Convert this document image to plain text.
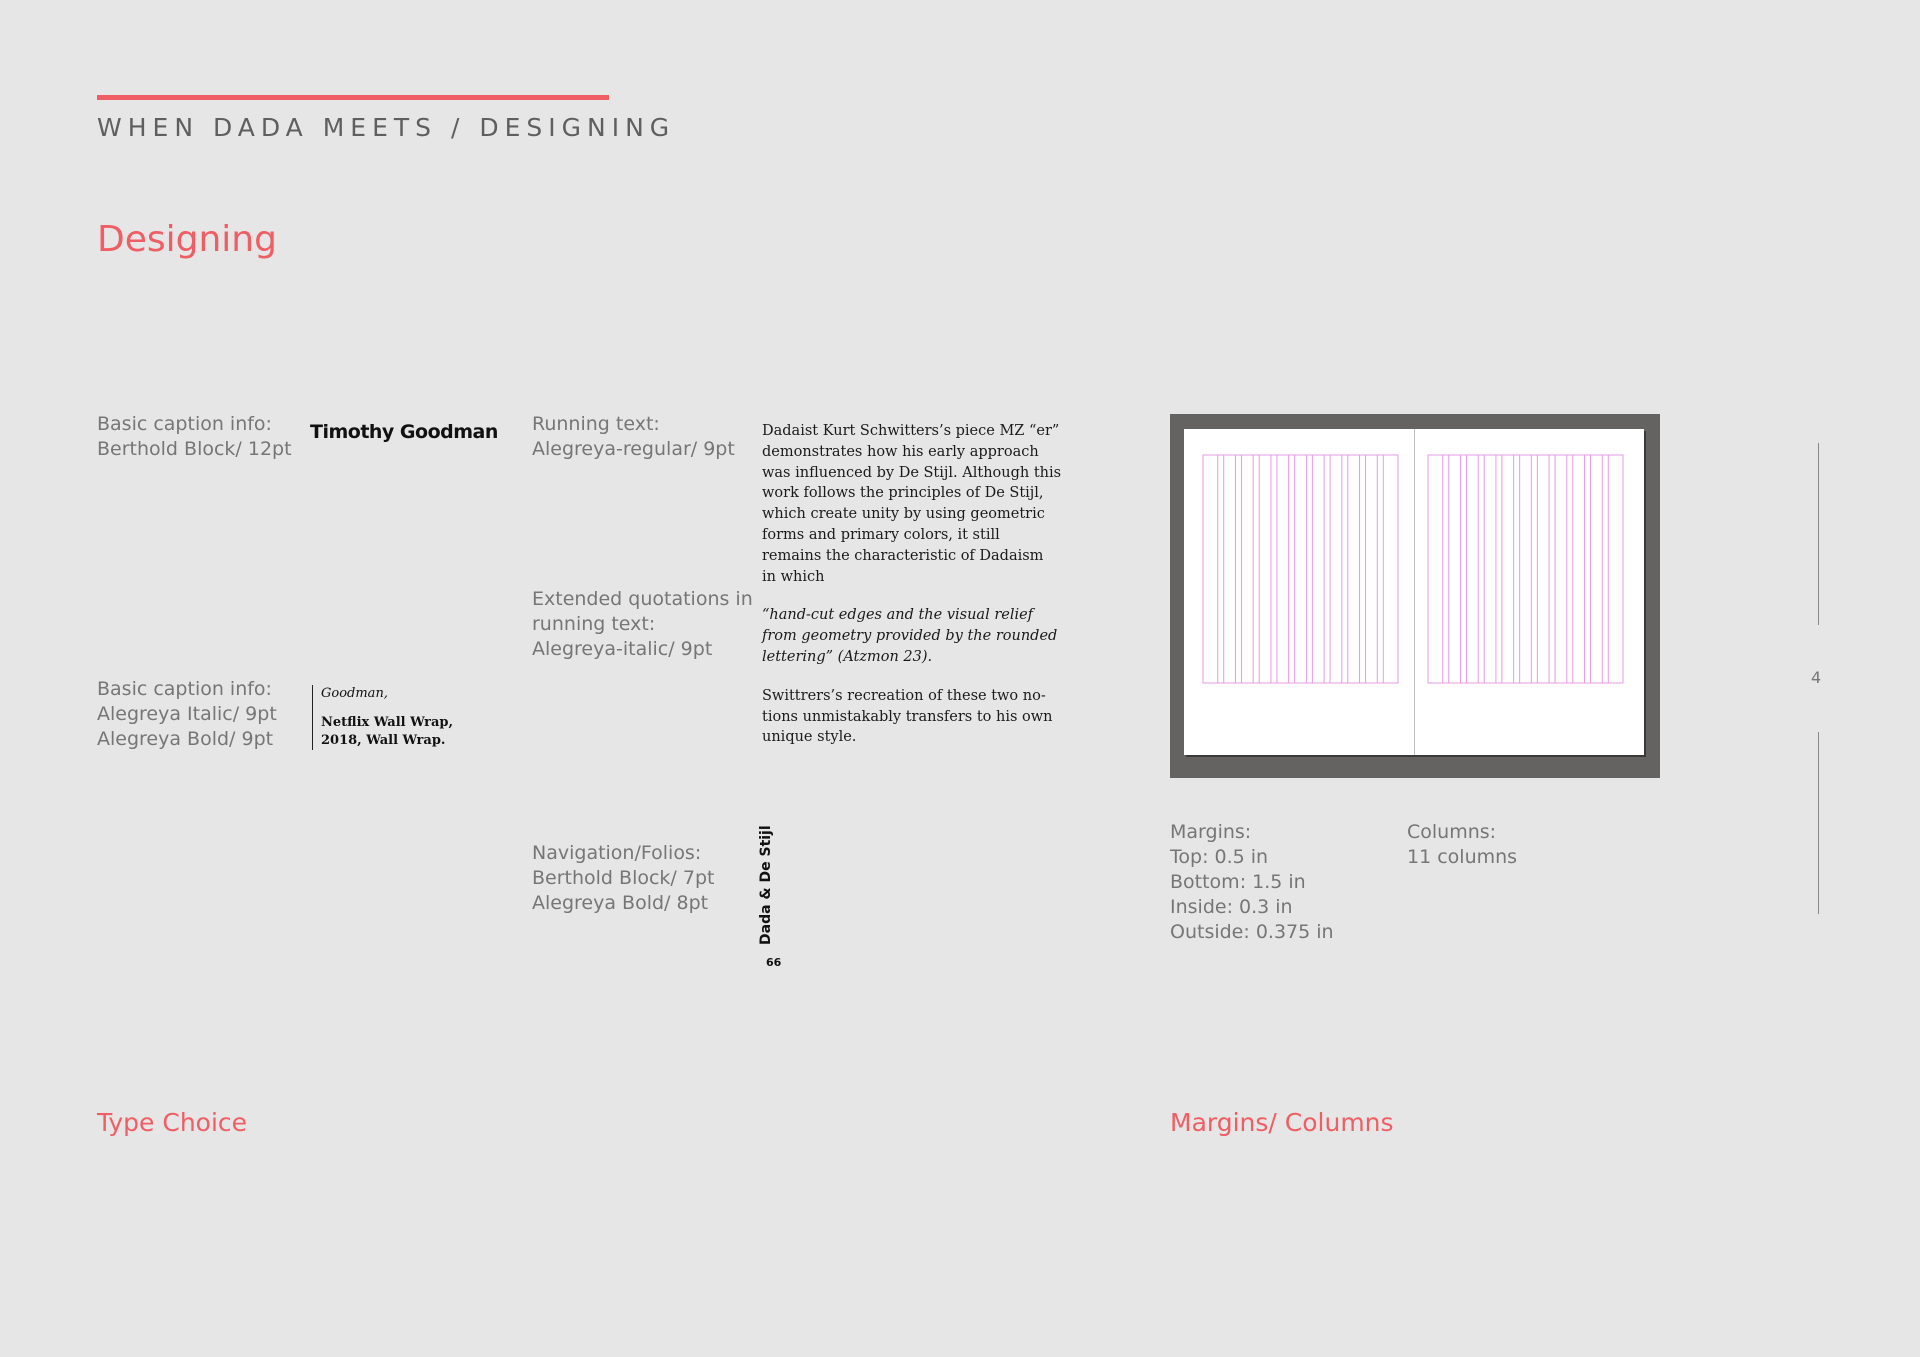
WHEN DADA MEETS / DESIGNING
Designing
Basic caption info:
Berthold Block/ 12pt
Basic caption info:
Alegreya Italic/ 9pt
Alegreya Bold/ 9pt
Running text:
Alegreya-regular/ 9pt
Extended quotations in
running text:
Alegreya-italic/ 9pt
Navigation/Folios:
Berthold Block/ 7pt
Alegreya Bold/ 8pt
Timothy Goodman
Goodman,
Netflix Wall Wrap,
2018, Wall Wrap.

Dadaist Kurt Schwitters’s piece MZ “er” demonstrates how his early approach was influenced by De Stijl. Although this work follows the principles of De Stijl, which create unity by using geometric forms and primary colors, it still remains the characteristic of Dadaism in which

“hand-cut edges and the visual relief from geometry provided by the rounded lettering” (Atzmon 23).

Swittrers’s recreation of these two no- tions unmistakably transfers to his own unique style.

Dada & De Stijl
66
Margins:
Top: 0.5 in
Bottom: 1.5 in
Inside: 0.3 in
Outside: 0.375 in
Columns:
11 columns
Type Choice	Margins/ Columns
4
